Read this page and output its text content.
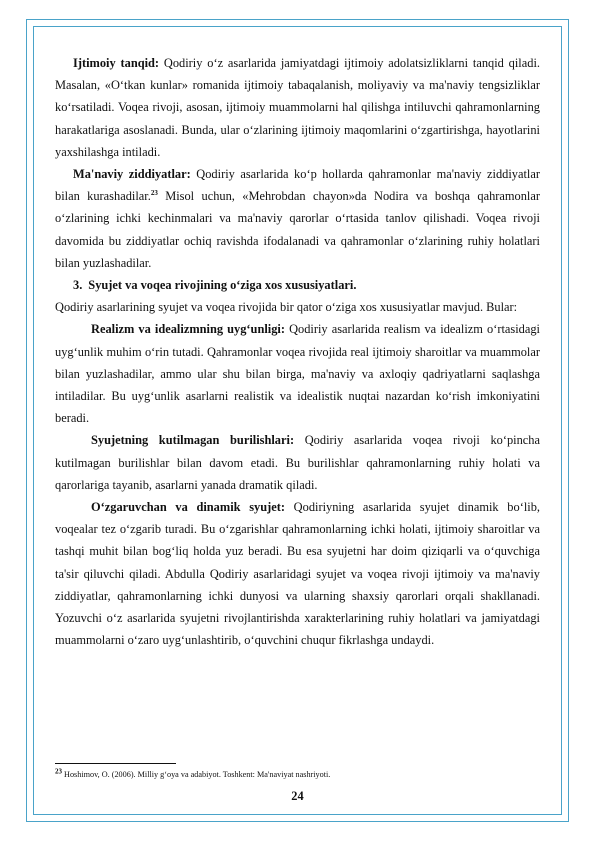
Ijtimoiy tanqid: Qodiriy o‘z asarlarida jamiyatdagi ijtimoiy adolatsizliklarni tanqid qiladi. Masalan, «O‘tkan kunlar» romanida ijtimoiy tabaqalanish, moliyaviy va ma'naviy tengsizliklar ko‘rsatiladi. Voqea rivoji, asosan, ijtimoiy muammolarni hal qilishga intiluvchi qahramonlarning harakatlariga asoslanadi. Bunda, ular o‘zlarining ijtimoiy maqomlarini o‘zgartirishga, hayotlarini yaxshilashga intiladi.

Ma'naviy ziddiyatlar: Qodiriy asarlarida ko‘p hollarda qahramonlar ma'naviy ziddiyatlar bilan kurashadilar.$^{23}$ Misol uchun, «Mehrobdan chayon»da Nodira va boshqa qahramonlar o‘zlarining ichki kechinmalari va ma'naviy qarorlar o‘rtasida tanlov qilishadi. Voqea rivoji davomida bu ziddiyatlar ochiq ravishda ifodalanadi va qahramonlar o‘zlarining ruhiy holatlari bilan yuzlashadilar.

3. Syujet va voqea rivojining o‘ziga xos xususiyatlari.

Qodiriy asarlarining syujet va voqea rivojida bir qator o‘ziga xos xususiyatlar mavjud. Bular:

Realizm va idealizmning uyg‘unligi: Qodiriy asarlarida realism va idealizm o‘rtasidagi uyg‘unlik muhim o‘rin tutadi. Qahramonlar voqea rivojida real ijtimoiy sharoitlar va muammolar bilan yuzlashadilar, ammo ular shu bilan birga, ma'naviy va axloqiy qadriyatlarni saqlashga intiladilar. Bu uyg‘unlik asarlarni realistik va idealistik nuqtai nazardan ko‘rish imkoniyatini beradi.

Syujetning kutilmagan burilishlari: Qodiriy asarlarida voqea rivoji ko‘pincha kutilmagan burilishlar bilan davom etadi. Bu burilishlar qahramonlarning ruhiy holati va qarorlariga tayanib, asarlarni yanada dramatik qiladi.

O‘zgaruvchan va dinamik syujet: Qodiriyning asarlarida syujet dinamik bo‘lib, voqealar tez o‘zgarib turadi. Bu o‘zgarishlar qahramonlarning ichki holati, ijtimoiy sharoitlar va tashqi muhit bilan bog‘liq holda yuz beradi. Bu esa syujetni har doim qiziqarli va o‘quvchiga ta'sir qiluvchi qiladi. Abdulla Qodiriy asarlaridagi syujet va voqea rivoji ijtimoiy va ma'naviy ziddiyatlar, qahramonlarning ichki dunyosi va ularning shaxsiy qarorlari orqali shakllanadi. Yozuvchi o‘z asarlarida syujetni rivojlantirishda xarakterlarining ruhiy holatlari va jamiyatdagi muammolarni o‘zaro uyg‘unlashtirib, o‘quvchini chuqur fikrlashga undaydi.

$^{23}$ Hoshimov, O. (2006). Milliy g‘oya va adabiyot. Toshkent: Ma'naviyat nashriyoti.
24
